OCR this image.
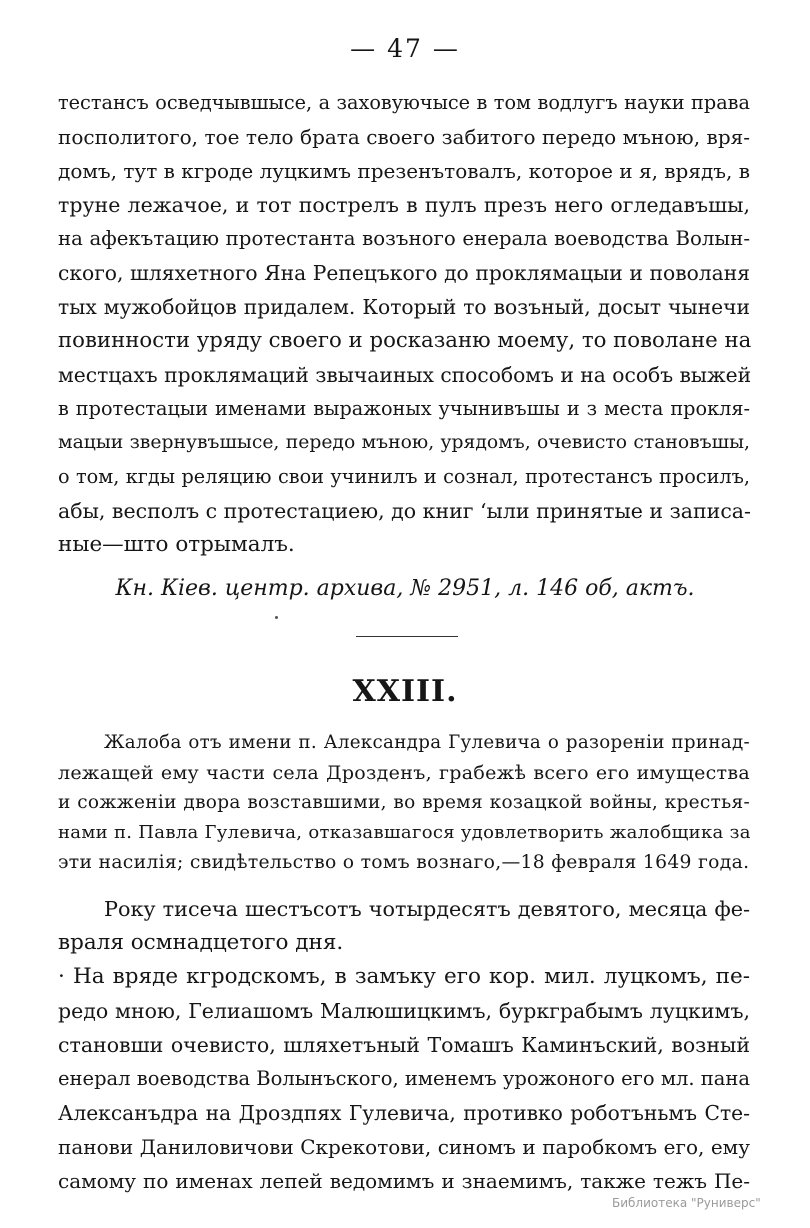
— 47 —
тестансъ осведчывшысе, а заховуючысе в том водлугъ науки права
посполитого, тое тело брата своего забитого передо мъною, вря-
домъ, тут в кгроде луцкимъ презенътовалъ, которое и я, врядъ, в
труне лежачое, и тот пострелъ в пулъ презъ него огледавъшы,
на афекътацию протестанта возъного енерала воеводства Волын-
ского, шляхетного Яна Репецъкого до проклямацыи и поволаня
тых мужобойцов придалем. Который то возъный, досыт чынечи
повинности уряду своего и росказаню моему, то поволане на
местцахъ проклямаций звычаиных способомъ и на особъ выжей
в протестацыи именами выражоных учынивъшы и з места прокля-
мацыи звернувъшысе, передо мъною, урядомъ, очевисто становъшы,
о том, кгды реляцию свои учинилъ и сознал, протестансъ просилъ,
абы, весполъ с протестациею, до книг ʻыли принятые и записа-
ные—што отрымалъ.
Кн. Кiев. центр. архива, № 2951, л. 146 об, актъ.
XXIII.
Жалоба отъ имени п. Александра Гулевича о разоренiи принад-
лежащей ему части села Дрозденъ, грабежѣ всего его имущества
и сожженiи двора возставшими, во время козацкой войны, крестья-
нами п. Павла Гулевича, отказавшагося удовлетворить жалобщика за
эти насилiя; свидѣтельство о томъ вознаго,—18 февраля 1649 года.
Року тисеча шестъсотъ чотырдесятъ девятого, месяца фе-
враля осмнадцетого дня.
· На вряде кгродскомъ, в замъку его кор. мил. луцкомъ, пе-
редо мною, Гелиашомъ Малюшицкимъ, буркграбымъ луцкимъ,
становши очевисто, шляхетъный Томашъ Каминъский, возный
енерал воеводства Волынъского, именемъ урожоного его мл. пана
Алексанъдра на Дроздпях Гулевича, противко роботъньмъ Сте-
панови Даниловичови Скрекотови, синомъ и паробкомъ его, ему
самому по именах лепей ведомимъ и знаемимъ, также тежъ Пе-
Библиотека "Руниверс"
